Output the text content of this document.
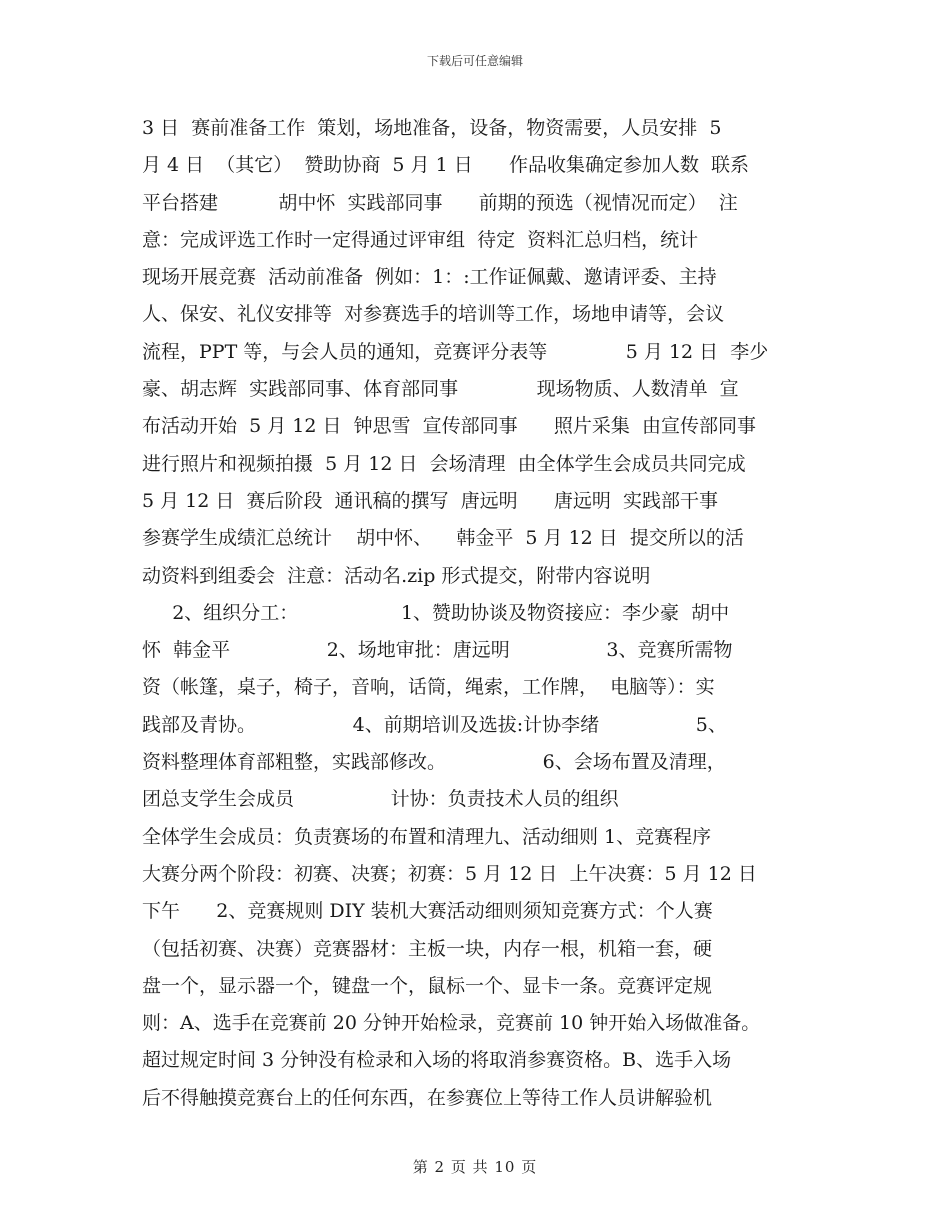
下载后可任意编辑
3 日  赛前准备工作  策划，场地准备，设备，物资需要，人员安排  5
月 4 日  （其它）  赞助协商  5 月 1 日      作品收集确定参加人数  联系
平台搭建          胡中怀  实践部同事      前期的预选（视情况而定）  注
意：完成评选工作时一定得通过评审组  待定  资料汇总归档，统计
现场开展竞赛  活动前准备  例如：1：:工作证佩戴、邀请评委、主持
人、保安、礼仪安排等  对参赛选手的培训等工作，场地申请等，会议
流程，PPT 等，与会人员的通知，竞赛评分表等             5 月 12 日  李少
豪、胡志辉  实践部同事、体育部同事             现场物质、人数清单  宣
布活动开始  5 月 12 日  钟思雪  宣传部同事      照片采集  由宣传部同事
进行照片和视频拍摄  5 月 12 日  会场清理  由全体学生会成员共同完成
5 月 12 日  赛后阶段  通讯稿的撰写  唐远明      唐远明  实践部干事
参赛学生成绩汇总统计    胡中怀、    韩金平  5 月 12 日  提交所以的活
动资料到组委会  注意：活动名.zip 形式提交，附带内容说明
2、组织分工：                 1、赞助协谈及物资接应：李少豪  胡中
怀  韩金平                2、场地审批：唐远明                3、竞赛所需物
资（帐篷，桌子，椅子，音响，话筒，绳索，工作牌，  电脑等）：实
践部及青协。                4、前期培训及选拔:计协李绪                5、
资料整理体育部粗整，实践部修改。                6、会场布置及清理，
团总支学生会成员                计协：负责技术人员的组织
全体学生会成员：负责赛场的布置和清理九、活动细则 1、竞赛程序
大赛分两个阶段：初赛、决赛；初赛：5 月 12 日  上午决赛：5 月 12 日
下午      2、竞赛规则 DIY 装机大赛活动细则须知竞赛方式：个人赛
（包括初赛、决赛）竞赛器材：主板一块，内存一根，机箱一套，硬
盘一个，显示器一个，键盘一个，鼠标一个、显卡一条。竞赛评定规
则：A、选手在竞赛前 20 分钟开始检录，竞赛前 10 钟开始入场做准备。
超过规定时间 3 分钟没有检录和入场的将取消参赛资格。B、选手入场
后不得触摸竞赛台上的任何东西，在参赛位上等待工作人员讲解验机
第 2 页 共 10 页
